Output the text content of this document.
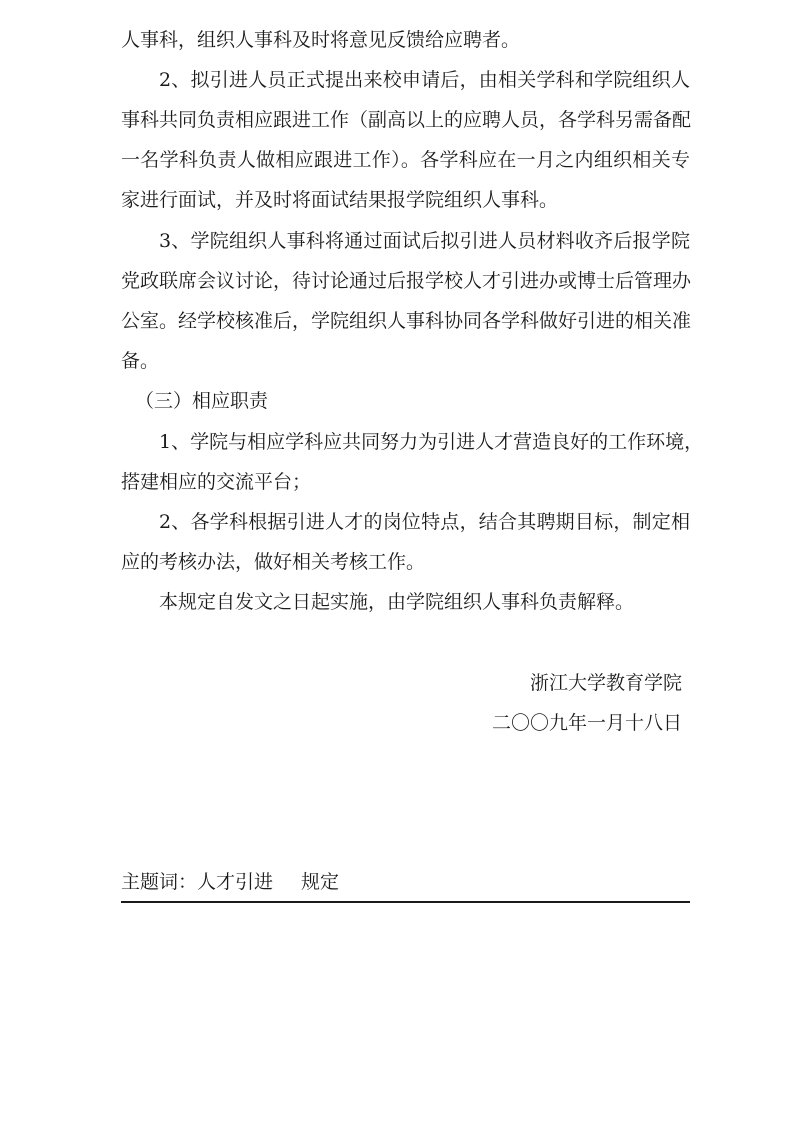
人事科，组织人事科及时将意见反馈给应聘者。
2、拟引进人员正式提出来校申请后，由相关学科和学院组织人
事科共同负责相应跟进工作（副高以上的应聘人员，各学科另需备配
一名学科负责人做相应跟进工作）。各学科应在一月之内组织相关专
家进行面试，并及时将面试结果报学院组织人事科。
3、学院组织人事科将通过面试后拟引进人员材料收齐后报学院
党政联席会议讨论，待讨论通过后报学校人才引进办或博士后管理办
公室。经学校核准后，学院组织人事科协同各学科做好引进的相关准
备。
（三）相应职责
1、学院与相应学科应共同努力为引进人才营造良好的工作环境，
搭建相应的交流平台；
2、各学科根据引进人才的岗位特点，结合其聘期目标，制定相
应的考核办法，做好相关考核工作。
本规定自发文之日起实施，由学院组织人事科负责解释。
浙江大学教育学院
二〇〇九年一月十八日
主题词：人才引进 规定
